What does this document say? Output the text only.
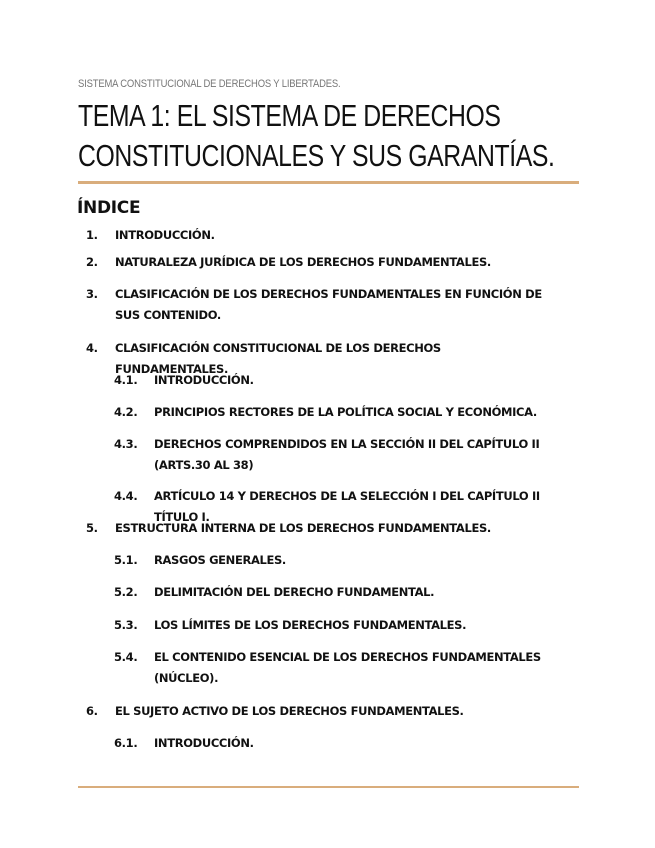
SISTEMA CONSTITUCIONAL DE DERECHOS Y LIBERTADES.
TEMA 1: EL SISTEMA DE DERECHOS
CONSTITUCIONALES Y SUS GARANTÍAS.
ÍNDICE
1. INTRODUCCIÓN.
2. NATURALEZA JURÍDICA DE LOS DERECHOS FUNDAMENTALES.
3. CLASIFICACIÓN DE LOS DERECHOS FUNDAMENTALES EN FUNCIÓN DE SUS CONTENIDO.
4. CLASIFICACIÓN CONSTITUCIONAL DE LOS DERECHOS FUNDAMENTALES.
4.1. INTRODUCCIÓN.
4.2. PRINCIPIOS RECTORES DE LA POLÍTICA SOCIAL Y ECONÓMICA.
4.3. DERECHOS COMPRENDIDOS EN LA SECCIÓN II DEL CAPÍTULO II (ARTS.30 AL 38)
4.4. ARTÍCULO 14 Y DERECHOS DE LA SELECCIÓN I DEL CAPÍTULO II TÍTULO I.
5. ESTRUCTURA INTERNA DE LOS DERECHOS FUNDAMENTALES.
5.1. RASGOS GENERALES.
5.2. DELIMITACIÓN DEL DERECHO FUNDAMENTAL.
5.3. LOS LÍMITES DE LOS DERECHOS FUNDAMENTALES.
5.4. EL CONTENIDO ESENCIAL DE LOS DERECHOS FUNDAMENTALES (NÚCLEO).
6. EL SUJETO ACTIVO DE LOS DERECHOS FUNDAMENTALES.
6.1. INTRODUCCIÓN.
